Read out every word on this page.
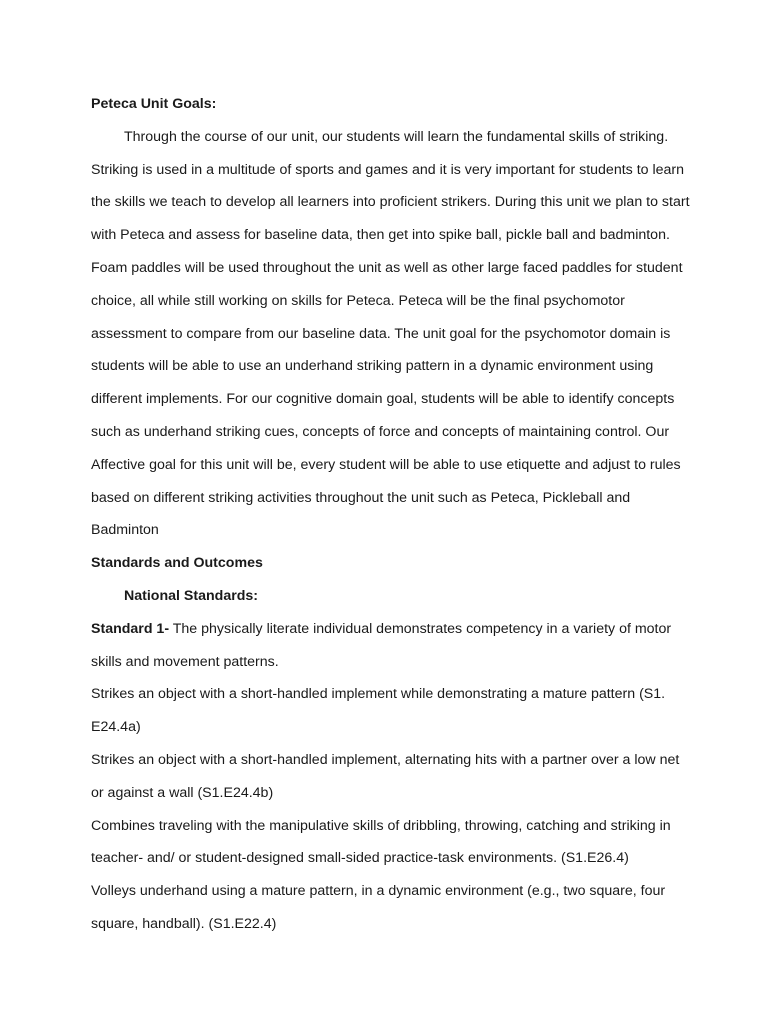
Peteca Unit Goals:
Through the course of our unit, our students will learn the fundamental skills of striking.
Striking is used in a multitude of sports and games and it is very important for students to learn
the skills we teach to develop all learners into proficient strikers. During this unit we plan to start
with Peteca and assess for baseline data, then get into spike ball, pickle ball and badminton.
Foam paddles will be used throughout the unit as well as other large faced paddles for student
choice, all while still working on skills for Peteca. Peteca will be the final psychomotor
assessment to compare from our baseline data. The unit goal for the psychomotor domain is
students will be able to use an underhand striking pattern in a dynamic environment using
different implements. For our cognitive domain goal, students will be able to identify concepts
such as underhand striking cues, concepts of force and concepts of maintaining control. Our
Affective goal for this unit will be, every student will be able to use etiquette and adjust to rules
based on different striking activities throughout the unit such as Peteca, Pickleball and
Badminton
Standards and Outcomes
National Standards:
Standard 1- The physically literate individual demonstrates competency in a variety of motor
skills and movement patterns.
Strikes an object with a short-handled implement while demonstrating a mature pattern (S1.
E24.4a)
Strikes an object with a short-handled implement, alternating hits with a partner over a low net
or against a wall (S1.E24.4b)
Combines traveling with the manipulative skills of dribbling, throwing, catching and striking in
teacher- and/ or student-designed small-sided practice-task environments. (S1.E26.4)
Volleys underhand using a mature pattern, in a dynamic environment (e.g., two square, four
square, handball). (S1.E22.4)
